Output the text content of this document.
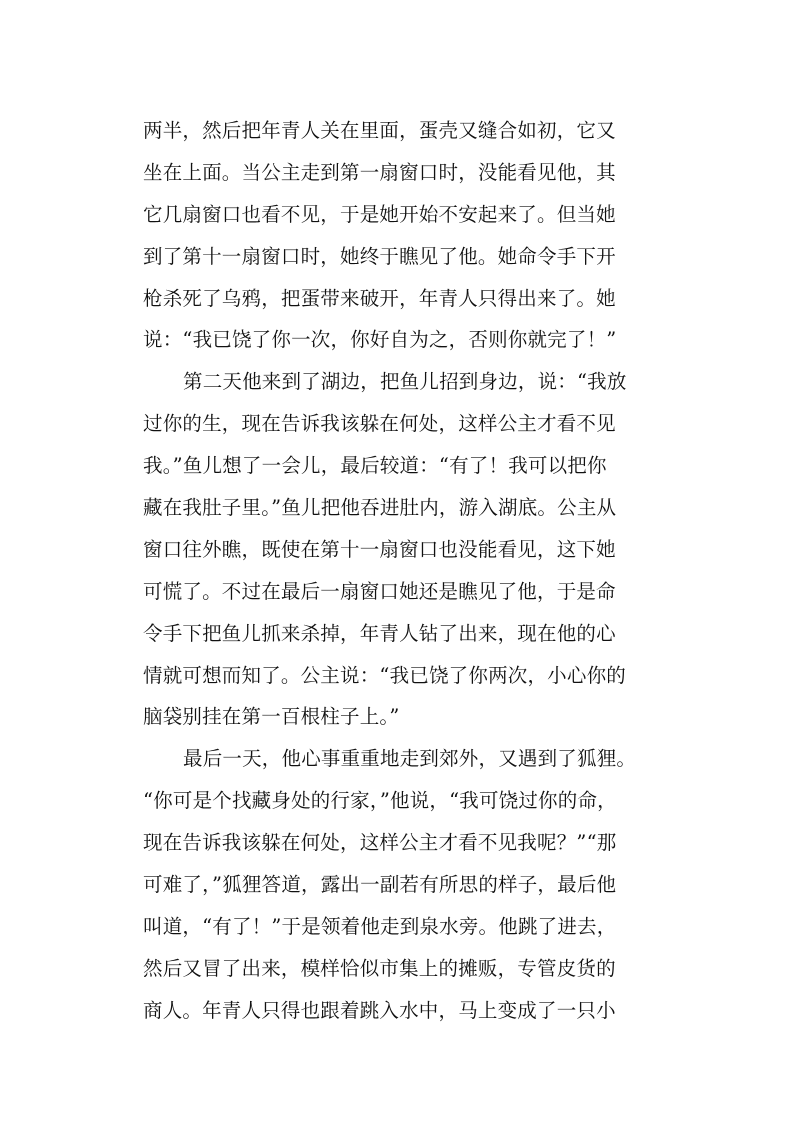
两半，然后把年青人关在里面，蛋壳又缝合如初，它又
坐在上面。当公主走到第一扇窗口时，没能看见他，其
它几扇窗口也看不见，于是她开始不安起来了。但当她
到了第十一扇窗口时，她终于瞧见了他。她命令手下开
枪杀死了乌鸦，把蛋带来破开，年青人只得出来了。她
说：“我已饶了你一次，你好自为之，否则你就完了！”
第二天他来到了湖边，把鱼儿招到身边，说：“我放
过你的生，现在告诉我该躲在何处，这样公主才看不见
我。”鱼儿想了一会儿，最后较道：“有了！我可以把你
藏在我肚子里。”鱼儿把他吞进肚内，游入湖底。公主从
窗口往外瞧，既使在第十一扇窗口也没能看见，这下她
可慌了。不过在最后一扇窗口她还是瞧见了他，于是命
令手下把鱼儿抓来杀掉，年青人钻了出来，现在他的心
情就可想而知了。公主说：“我已饶了你两次，小心你的
脑袋别挂在第一百根柱子上。”
最后一天，他心事重重地走到郊外，又遇到了狐狸。
“你可是个找藏身处的行家，”他说，“我可饶过你的命，
现在告诉我该躲在何处，这样公主才看不见我呢？”“那
可难了，”狐狸答道，露出一副若有所思的样子，最后他
叫道，“有了！”于是领着他走到泉水旁。他跳了进去，
然后又冒了出来，模样恰似市集上的摊贩，专管皮货的
商人。年青人只得也跟着跳入水中，马上变成了一只小
